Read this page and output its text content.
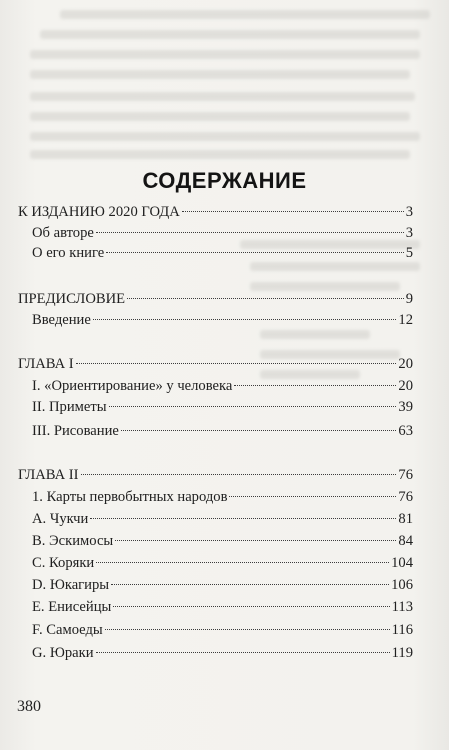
СОДЕРЖАНИЕ
К ИЗДАНИЮ 2020 ГОДА	3
Об авторе	3
О его книге	5
ПРЕДИСЛОВИЕ	9
Введение	12
ГЛАВА I	20
I. «Ориентирование» у человека	20
II. Приметы	39
III. Рисование	63
ГЛАВА II	76
1. Карты первобытных народов	76
А. Чукчи	81
B. Эскимосы	84
C. Коряки	104
D. Юкагиры	106
E. Енисейцы	113
F. Самоеды	116
G. Юраки	119
380
